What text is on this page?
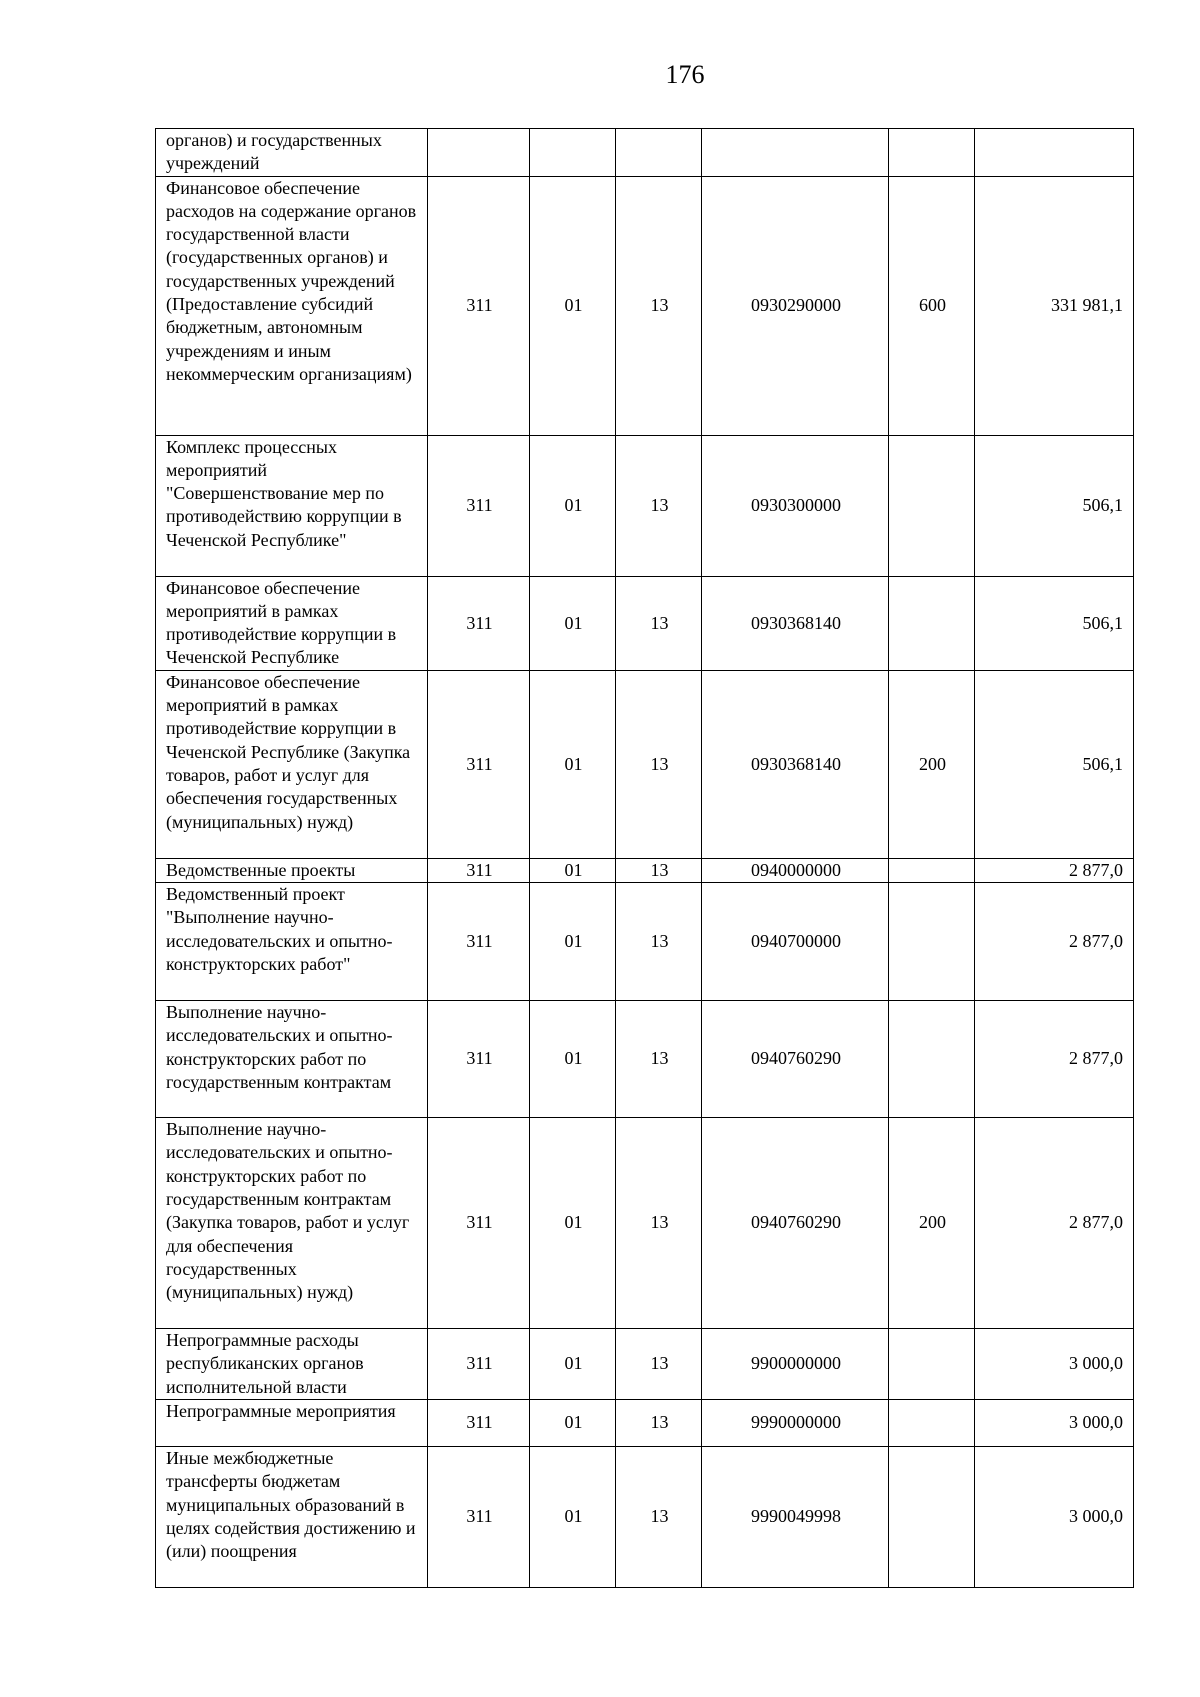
176
органов) и государственных учреждений						
Финансовое обеспечение расходов на содержание органов государственной власти (государственных органов) и государственных учреждений (Предоставление субсидий бюджетным, автономным учреждениям и иным некоммерческим организациям)	311	01	13	0930290000	600	331 981,1
Комплекс процессных мероприятий "Совершенствование мер по противодействию коррупции в Чеченской Республике"	311	01	13	0930300000		506,1
Финансовое обеспечение мероприятий в рамках противодействие коррупции в Чеченской Республике	311	01	13	0930368140		506,1
Финансовое обеспечение мероприятий в рамках противодействие коррупции в Чеченской Республике (Закупка товаров, работ и услуг для обеспечения государственных (муниципальных) нужд)	311	01	13	0930368140	200	506,1
Ведомственные проекты	311	01	13	0940000000		2 877,0
Ведомственный проект "Выполнение научно-исследовательских и опытно-конструкторских работ"	311	01	13	0940700000		2 877,0
Выполнение научно-исследовательских и опытно-конструкторских работ по государственным контрактам	311	01	13	0940760290		2 877,0
Выполнение научно-исследовательских и опытно-конструкторских работ по государственным контрактам (Закупка товаров, работ и услуг для обеспечения государственных (муниципальных) нужд)	311	01	13	0940760290	200	2 877,0
Непрограммные расходы республиканских органов исполнительной власти	311	01	13	9900000000		3 000,0
Непрограммные мероприятия	311	01	13	9990000000		3 000,0
Иные межбюджетные трансферты бюджетам муниципальных образований в целях содействия достижению и (или) поощрения	311	01	13	9990049998		3 000,0
